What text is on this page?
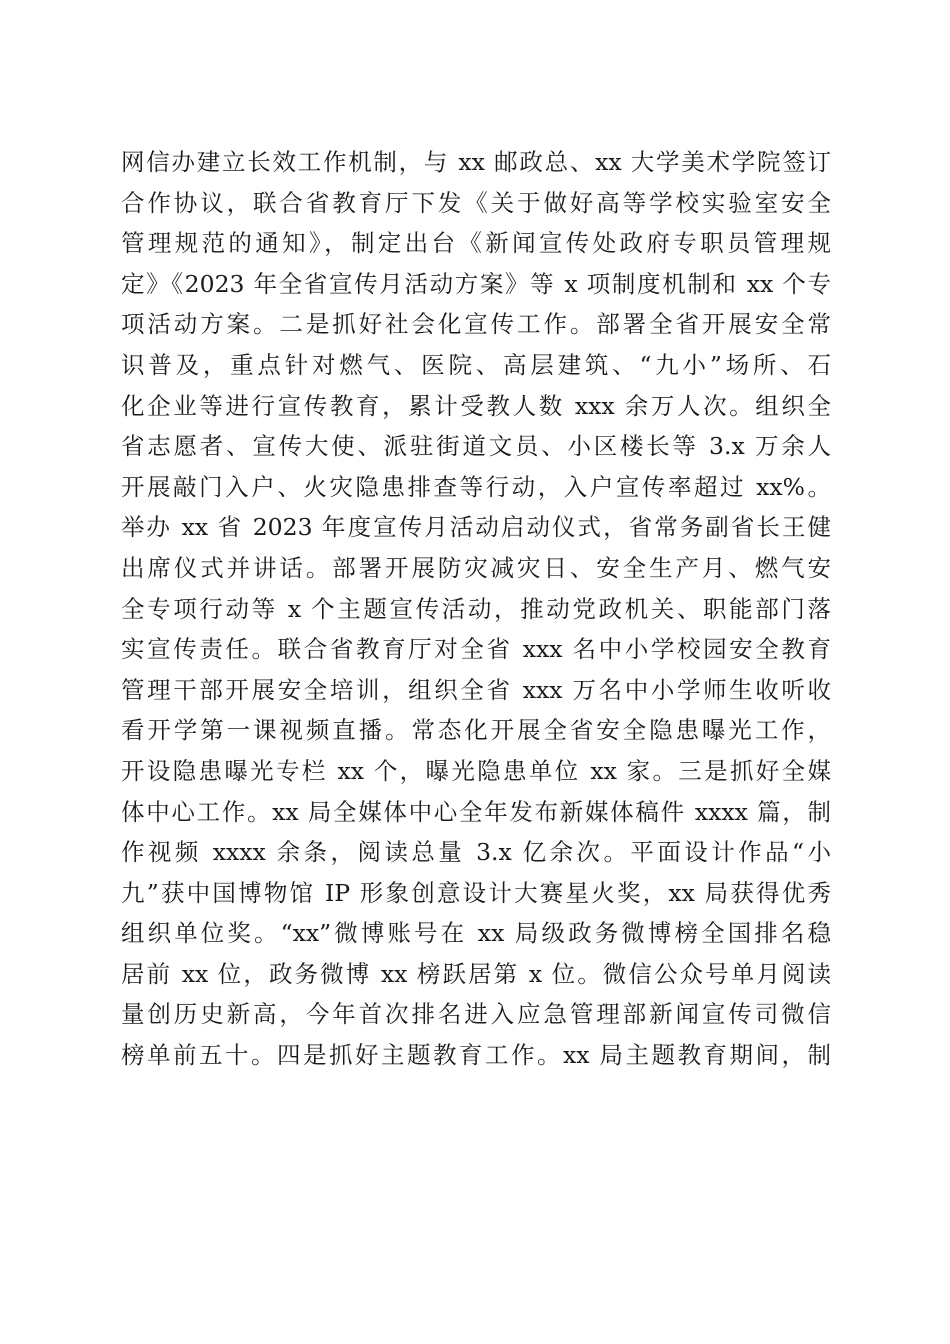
网信办建立长效工作机制，与 xx 邮政总、xx 大学美术学院签订
合作协议，联合省教育厅下发《关于做好高等学校实验室安全
管理规范的通知》，制定出台《新闻宣传处政府专职员管理规
定》《2023 年全省宣传月活动方案》等 x 项制度机制和 xx 个专
项活动方案。二是抓好社会化宣传工作。部署全省开展安全常
识普及，重点针对燃气、医院、高层建筑、“九小”场所、石
化企业等进行宣传教育，累计受教人数 xxx 余万人次。组织全
省志愿者、宣传大使、派驻街道文员、小区楼长等 3.x 万余人
开展敲门入户、火灾隐患排查等行动，入户宣传率超过 xx%。
举办 xx 省 2023 年度宣传月活动启动仪式，省常务副省长王健
出席仪式并讲话。部署开展防灾减灾日、安全生产月、燃气安
全专项行动等 x 个主题宣传活动，推动党政机关、职能部门落
实宣传责任。联合省教育厅对全省 xxx 名中小学校园安全教育
管理干部开展安全培训，组织全省 xxx 万名中小学师生收听收
看开学第一课视频直播。常态化开展全省安全隐患曝光工作，
开设隐患曝光专栏 xx 个，曝光隐患单位 xx 家。三是抓好全媒
体中心工作。xx 局全媒体中心全年发布新媒体稿件 xxxx 篇，制
作视频 xxxx 余条，阅读总量 3.x 亿余次。平面设计作品“小
九”获中国博物馆 IP 形象创意设计大赛星火奖，xx 局获得优秀
组织单位奖。“xx”微博账号在 xx 局级政务微博榜全国排名稳
居前 xx 位，政务微博 xx 榜跃居第 x 位。微信公众号单月阅读
量创历史新高，今年首次排名进入应急管理部新闻宣传司微信
榜单前五十。四是抓好主题教育工作。xx 局主题教育期间，制
